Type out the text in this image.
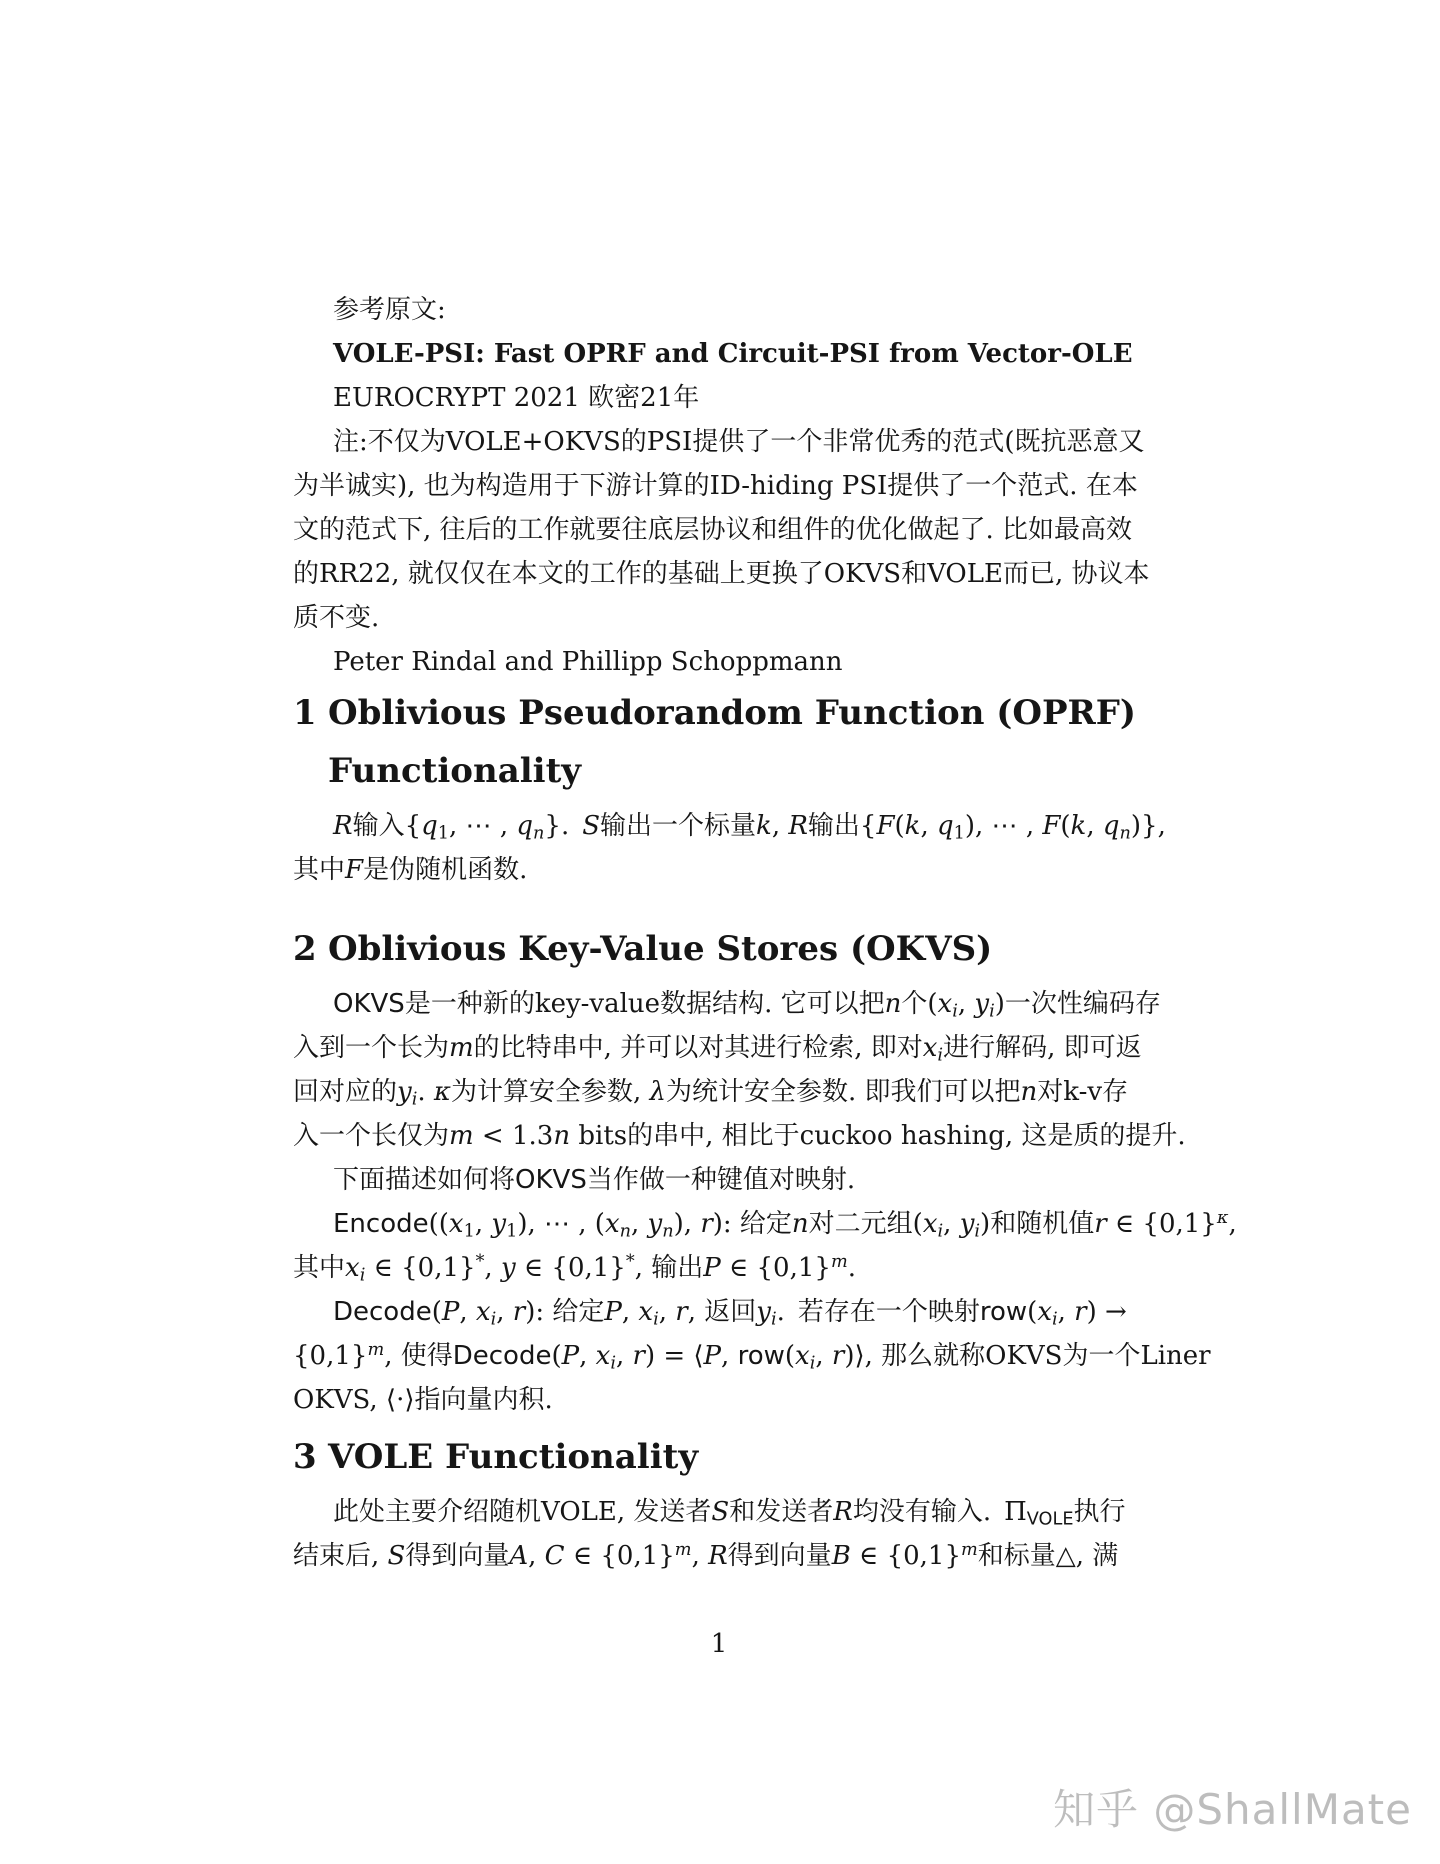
参考原文:
VOLE-PSI: Fast OPRF and Circuit-PSI from Vector-OLE
EUROCRYPT 2021 欧密21年
注:不仅为VOLE+OKVS的PSI提供了一个非常优秀的范式(既抗恶意又
为半诚实), 也为构造用于下游计算的ID-hiding PSI提供了一个范式. 在本
文的范式下, 往后的工作就要往底层协议和组件的优化做起了. 比如最高效
的RR22, 就仅仅在本文的工作的基础上更换了OKVS和VOLE而已, 协议本
质不变.
Peter Rindal and Phillipp Schoppmann
1 Oblivious Pseudorandom Function (OPRF)
Functionality
R输入{$q_1$, ⋯ , $q_n$}. S输出一个标量k, R输出{F(k, $q_1$), ⋯ , F(k, $q_n$)},
其中F是伪随机函数.
2 Oblivious Key-Value Stores (OKVS)
OKVS是一种新的key-value数据结构. 它可以把n个($x_i$, $y_i$)一次性编码存
入到一个长为m的比特串中, 并可以对其进行检索, 即对$x_i$进行解码, 即可返
回对应的$y_i$. κ为计算安全参数, λ为统计安全参数. 即我们可以把n对k-v存
入一个长仅为m < 1.3n bits的串中, 相比于cuckoo hashing, 这是质的提升.
下面描述如何将OKVS当作做一种键值对映射.
$Encode((x_1$, $y_1$), ⋯ , ($x_n$, $y_n$), r): 给定n对二元组($x_i$, $y_i$)和随机值r ∈ $\{0,1\}^\kappa$,
其中$x_i$ ∈ {0,1}*, y ∈ {0,1}*, 输出P ∈ $\{0,1\}^m$.
Decode(P, $x_i$, r): 给定P, $x_i$, r, 返回$y_i$. 若存在一个映射$row(x_i$, r) →
$\{0,1\}^m$, 使得Decode(P, $x_i$, r) = ⟨P, $row(x_i$, r)⟩, 那么就称OKVS为一个Liner
OKVS, ⟨·⟩指向量内积.
3 VOLE Functionality
此处主要介绍随机VOLE, 发送者S和发送者R均没有输入. $\Pi_{VOLE}$执行
结束后, S得到向量A, C ∈ $\{0,1\}^m$, R得到向量B ∈ $\{0,1\}^m$和标量△, 满
1
知乎 @ShallMate
